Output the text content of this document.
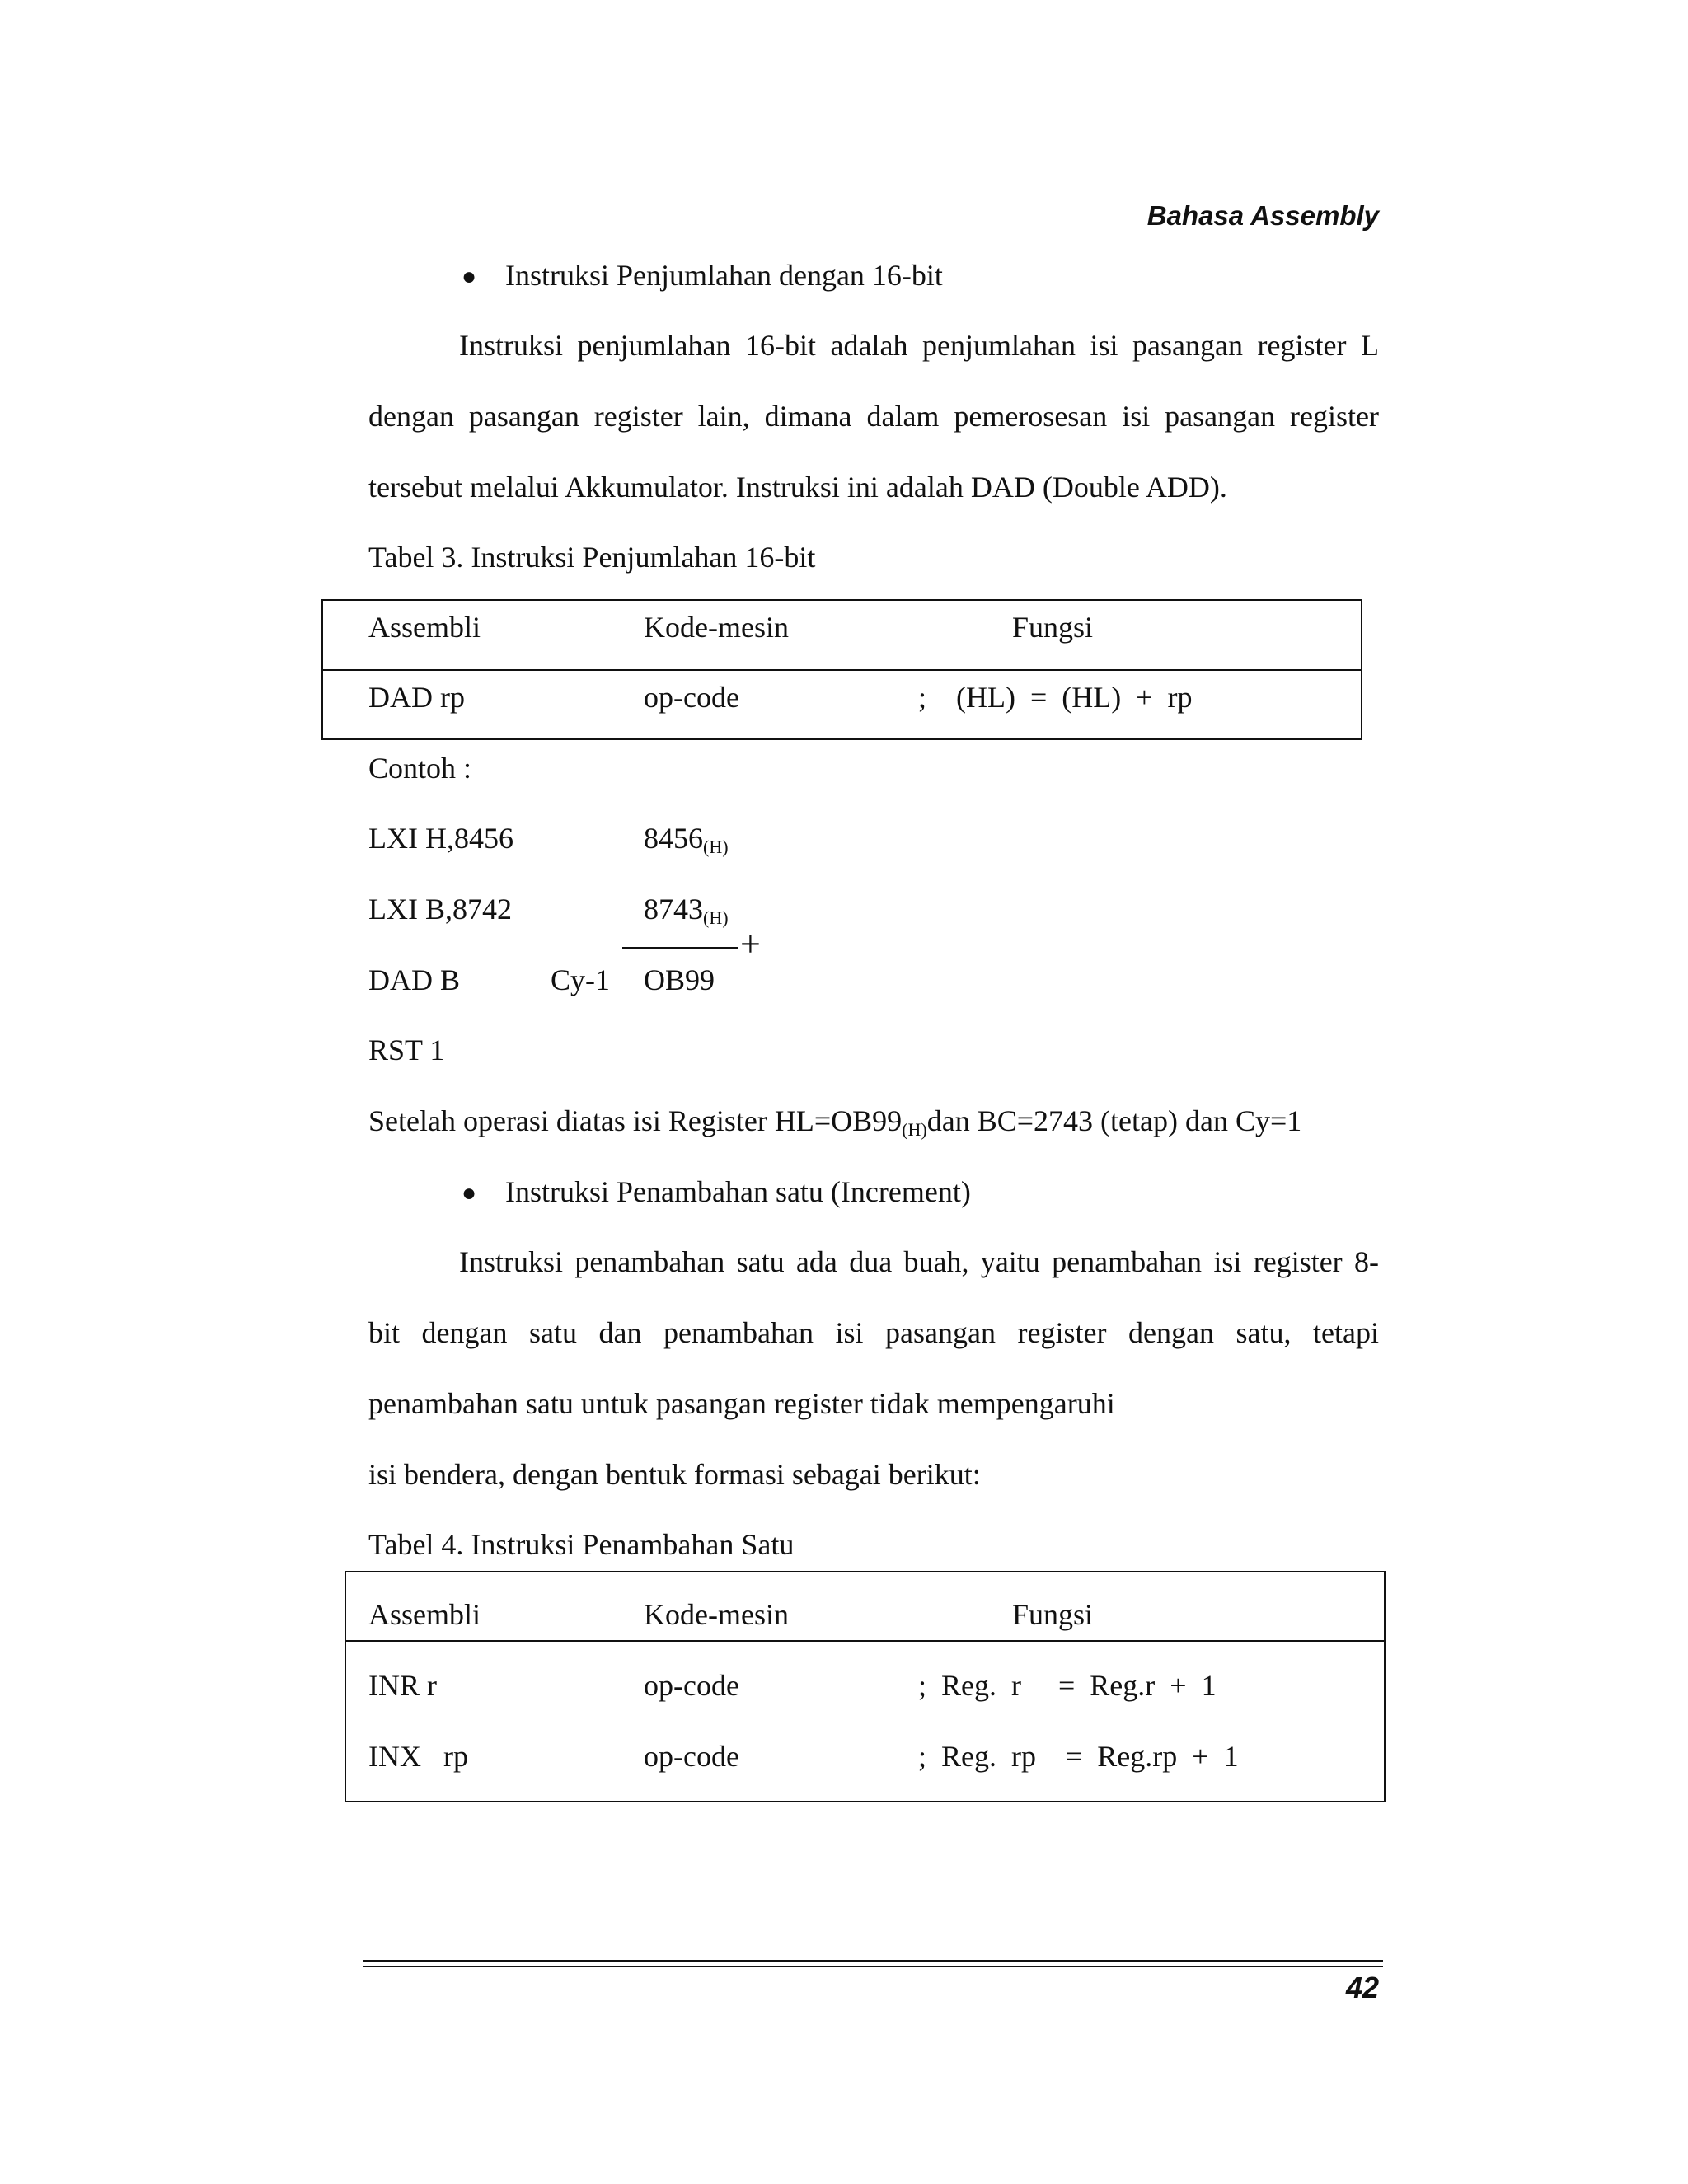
Bahasa Assembly
● Instruksi Penjumlahan dengan 16-bit
Instruksi penjumlahan 16-bit adalah penjumlahan isi pasangan register L
dengan pasangan register lain, dimana dalam pemerosesan isi pasangan register
tersebut melalui Akkumulator. Instruksi ini adalah DAD (Double ADD).
Tabel 3. Instruksi Penjumlahan 16-bit
Assembli	Kode-mesin	Fungsi
DAD rp	op-code	;    (HL)  =  (HL)  +  rp
Contoh :
LXI H,8456	$8456_{(H)}$
LXI B,8742	$8743_{(H)}$
+
DAD B	Cy-1 OB99
RST 1
Setelah operasi diatas isi Register $HL=OB99_{(H)}dan$ BC=2743 (tetap) dan Cy=1
● Instruksi Penambahan satu (Increment)
Instruksi penambahan satu ada dua buah, yaitu penambahan isi register 8-
bit dengan satu dan penambahan isi pasangan register dengan satu, tetapi
penambahan satu untuk pasangan register tidak mempengaruhi
isi bendera, dengan bentuk formasi sebagai berikut:
Tabel 4. Instruksi Penambahan Satu
Assembli	Kode-mesin	Fungsi
INR r	op-code	;  Reg.  r     =  Reg.r  +  1
INX   rp	op-code	;  Reg.  rp    =  Reg.rp  +  1
42
